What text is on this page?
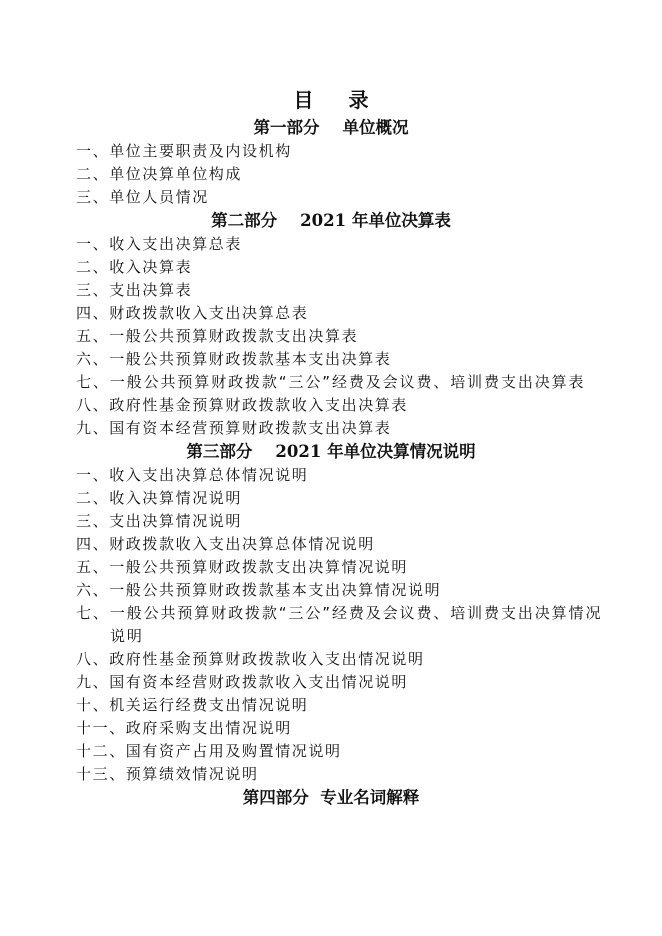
目 录
第一部分    单位概况
一、单位主要职责及内设机构
二、单位决算单位构成
三、单位人员情况
第二部分    2021 年单位决算表
一、收入支出决算总表
二、收入决算表
三、支出决算表
四、财政拨款收入支出决算总表
五、一般公共预算财政拨款支出决算表
六、一般公共预算财政拨款基本支出决算表
七、一般公共预算财政拨款“三公”经费及会议费、培训费支出决算表
八、政府性基金预算财政拨款收入支出决算表
九、国有资本经营预算财政拨款支出决算表
第三部分    2021 年单位决算情况说明
一、收入支出决算总体情况说明
二、收入决算情况说明
三、支出决算情况说明
四、财政拨款收入支出决算总体情况说明
五、一般公共预算财政拨款支出决算情况说明
六、一般公共预算财政拨款基本支出决算情况说明
七、一般公共预算财政拨款“三公”经费及会议费、培训费支出决算情况说明
八、政府性基金预算财政拨款收入支出情况说明
九、国有资本经营财政拨款收入支出情况说明
十、机关运行经费支出情况说明
十一、政府采购支出情况说明
十二、国有资产占用及购置情况说明
十三、预算绩效情况说明
第四部分  专业名词解释
